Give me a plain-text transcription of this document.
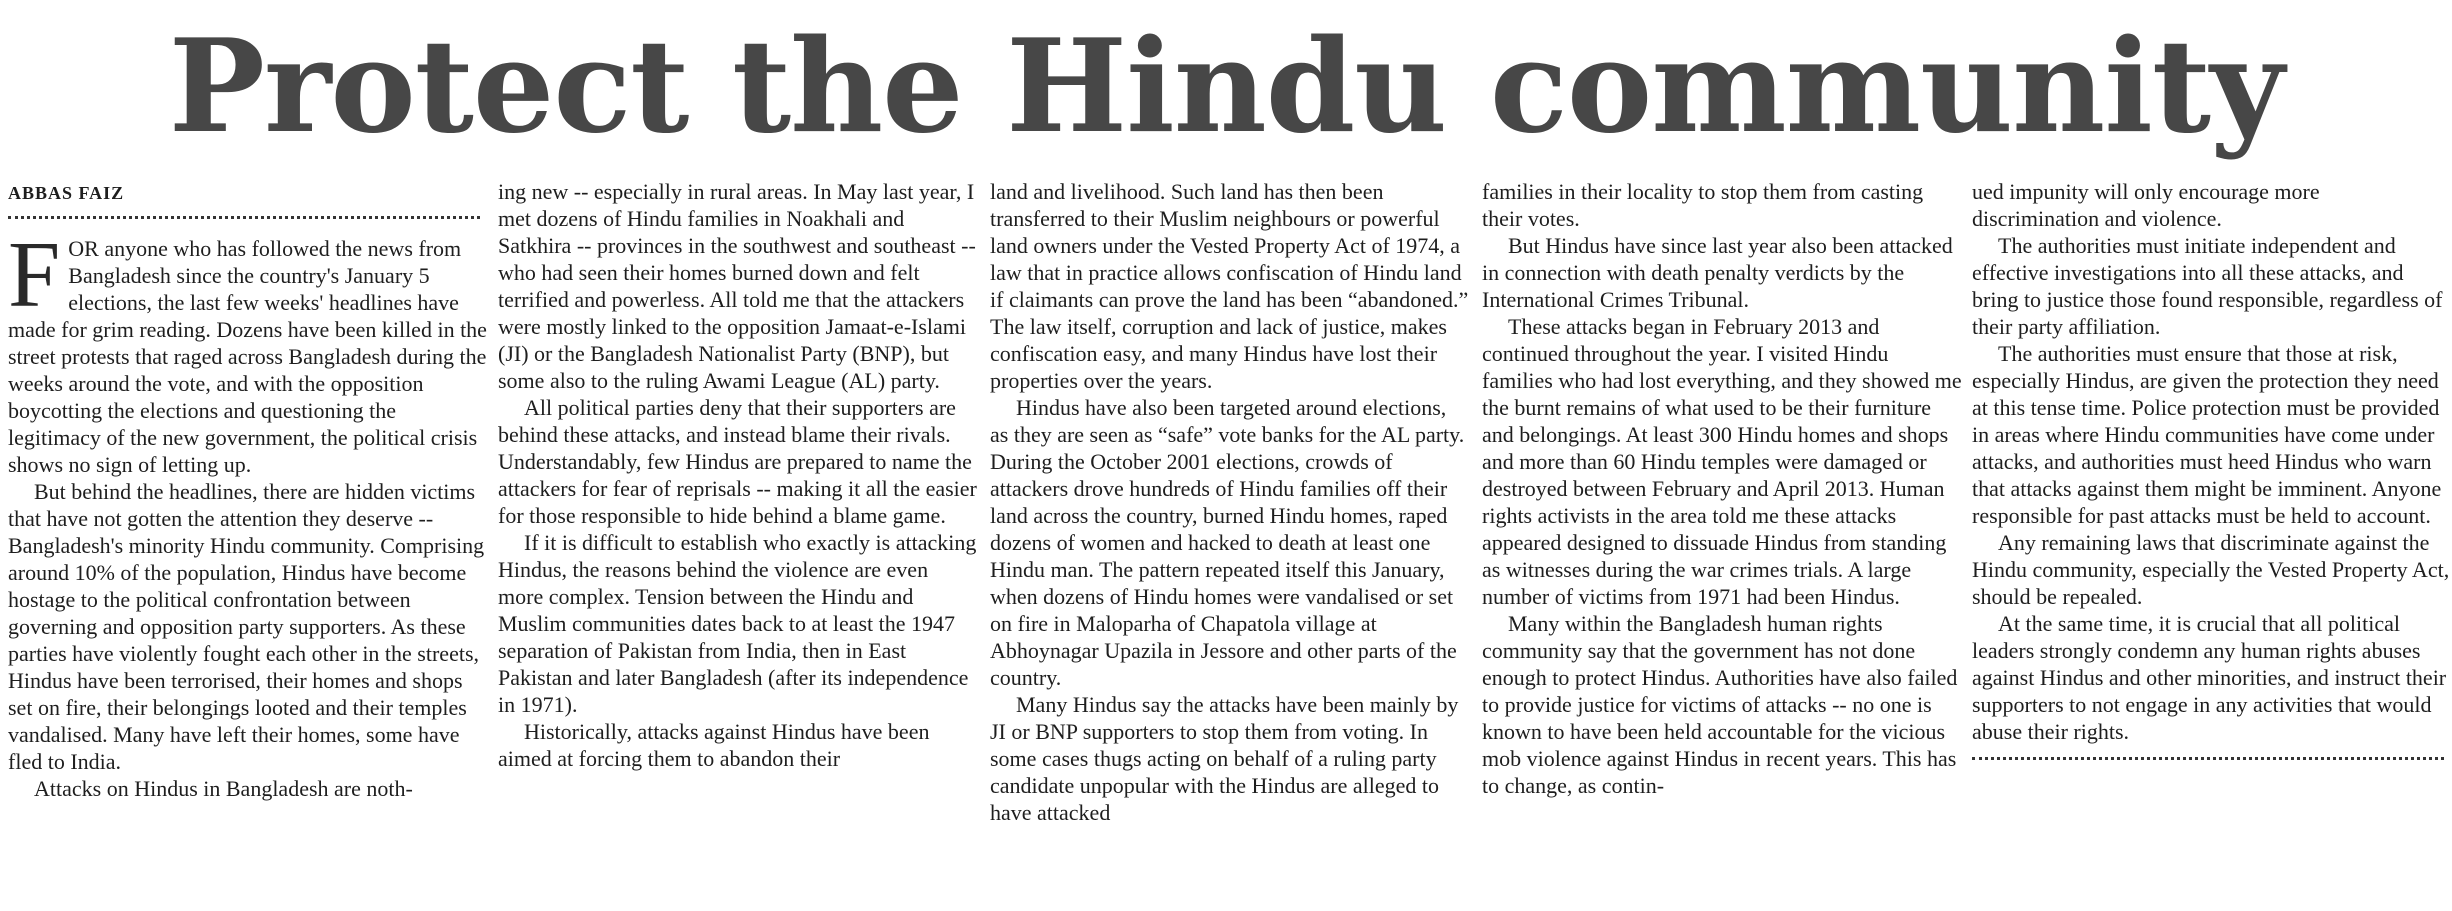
Protect the Hindu community
ABBAS FAIZ

FOR anyone who has followed the news from Bangladesh since the country's January 5 elections, the last few weeks' headlines have made for grim reading. Dozens have been killed in the street protests that raged across Bangladesh during the weeks around the vote, and with the opposition boycotting the elections and questioning the legitimacy of the new government, the political crisis shows no sign of letting up.

But behind the headlines, there are hidden victims that have not gotten the attention they deserve -- Bangladesh's minority Hindu community. Comprising around 10% of the population, Hindus have become hostage to the political confrontation between governing and opposition party supporters. As these parties have violently fought each other in the streets, Hindus have been terrorised, their homes and shops set on fire, their belongings looted and their temples vandalised. Many have left their homes, some have fled to India.

Attacks on Hindus in Bangladesh are noth-

ing new -- especially in rural areas. In May last year, I met dozens of Hindu families in Noakhali and Satkhira -- provinces in the southwest and southeast -- who had seen their homes burned down and felt terrified and powerless. All told me that the attackers were mostly linked to the opposition Jamaat-e-Islami (JI) or the Bangladesh Nationalist Party (BNP), but some also to the ruling Awami League (AL) party.

All political parties deny that their supporters are behind these attacks, and instead blame their rivals. Understandably, few Hindus are prepared to name the attackers for fear of reprisals -- making it all the easier for those responsible to hide behind a blame game.

If it is difficult to establish who exactly is attacking Hindus, the reasons behind the violence are even more complex. Tension between the Hindu and Muslim communities dates back to at least the 1947 separation of Pakistan from India, then in East Pakistan and later Bangladesh (after its independence in 1971).

Historically, attacks against Hindus have been aimed at forcing them to abandon their

land and livelihood. Such land has then been transferred to their Muslim neighbours or powerful land owners under the Vested Property Act of 1974, a law that in practice allows confiscation of Hindu land if claimants can prove the land has been “abandoned.” The law itself, corruption and lack of justice, makes confiscation easy, and many Hindus have lost their properties over the years.

Hindus have also been targeted around elections, as they are seen as “safe” vote banks for the AL party. During the October 2001 elections, crowds of attackers drove hundreds of Hindu families off their land across the country, burned Hindu homes, raped dozens of women and hacked to death at least one Hindu man. The pattern repeated itself this January, when dozens of Hindu homes were vandalised or set on fire in Maloparha of Chapatola village at Abhoynagar Upazila in Jessore and other parts of the country.

Many Hindus say the attacks have been mainly by JI or BNP supporters to stop them from voting. In some cases thugs acting on behalf of a ruling party candidate unpopular with the Hindus are alleged to have attacked

families in their locality to stop them from casting their votes.

But Hindus have since last year also been attacked in connection with death penalty verdicts by the International Crimes Tribunal.

These attacks began in February 2013 and continued throughout the year. I visited Hindu families who had lost everything, and they showed me the burnt remains of what used to be their furniture and belongings. At least 300 Hindu homes and shops and more than 60 Hindu temples were damaged or destroyed between February and April 2013. Human rights activists in the area told me these attacks appeared designed to dissuade Hindus from standing as witnesses during the war crimes trials. A large number of victims from 1971 had been Hindus.

Many within the Bangladesh human rights community say that the government has not done enough to protect Hindus. Authorities have also failed to provide justice for victims of attacks -- no one is known to have been held accountable for the vicious mob violence against Hindus in recent years. This has to change, as contin-

ued impunity will only encourage more discrimination and violence.

The authorities must initiate independent and effective investigations into all these attacks, and bring to justice those found responsible, regardless of their party affiliation.

The authorities must ensure that those at risk, especially Hindus, are given the protection they need at this tense time. Police protection must be provided in areas where Hindu communities have come under attacks, and authorities must heed Hindus who warn that attacks against them might be imminent. Anyone responsible for past attacks must be held to account.

Any remaining laws that discriminate against the Hindu community, especially the Vested Property Act, should be repealed.

At the same time, it is crucial that all political leaders strongly condemn any human rights abuses against Hindus and other minorities, and instruct their supporters to not engage in any activities that would abuse their rights.
